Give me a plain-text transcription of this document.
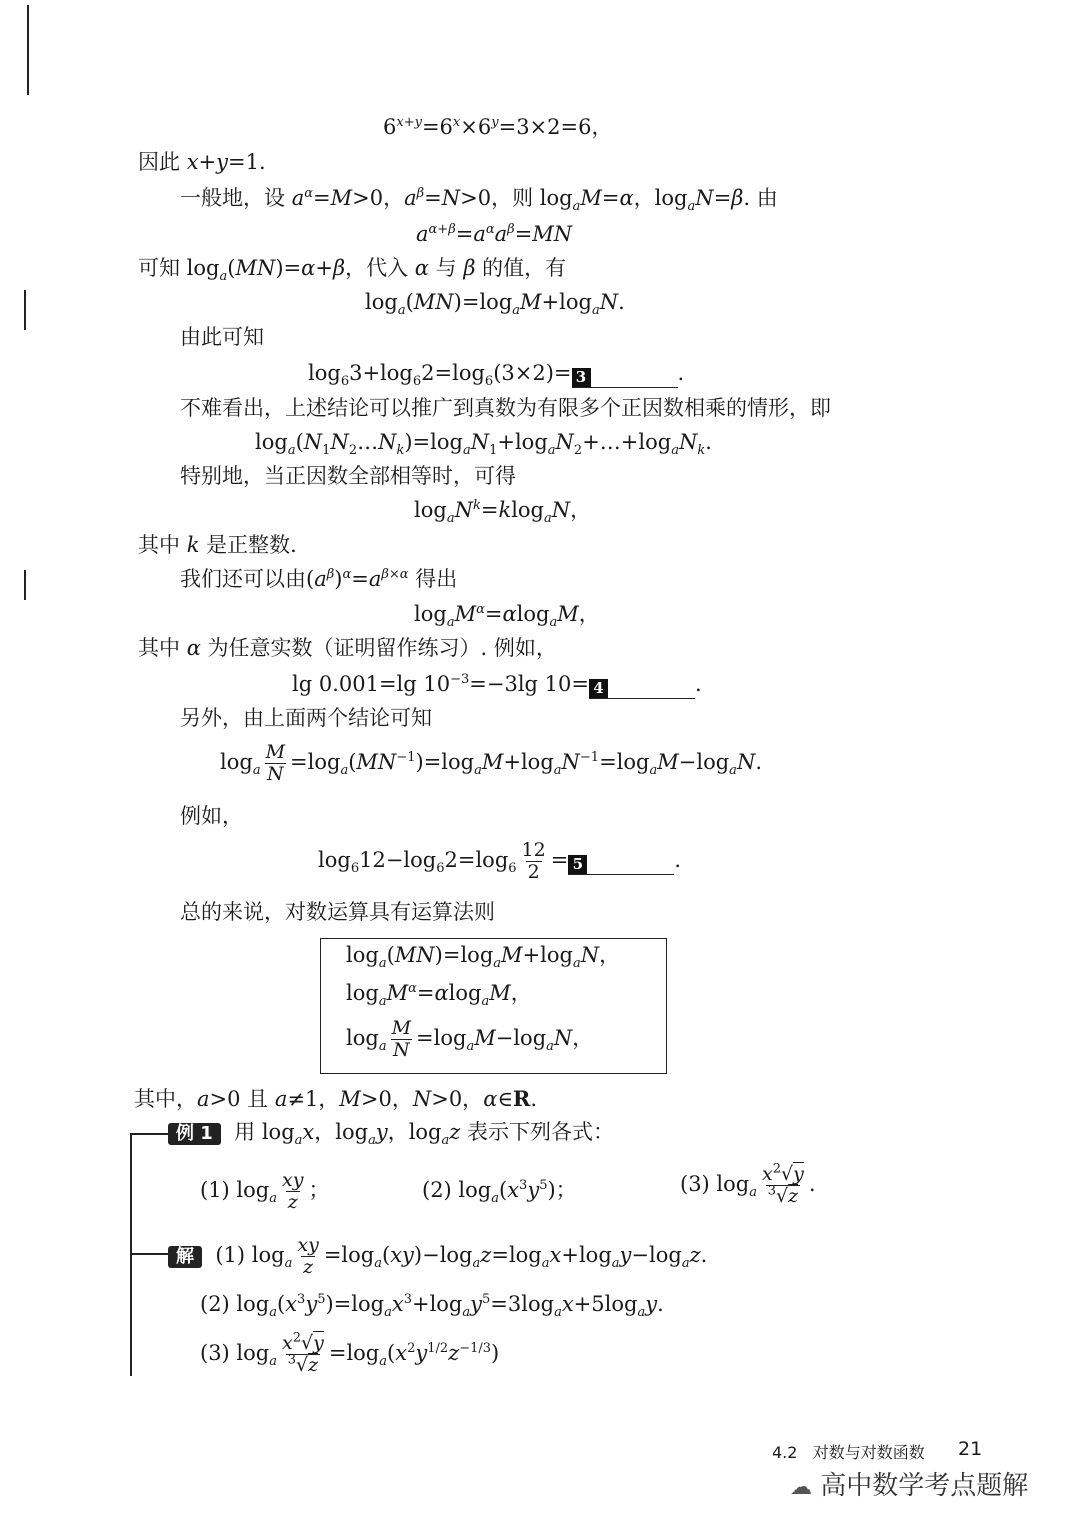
$6^{x+y}=6^x\times 6^y=3\times 2=6$，
因此 x+y=1.
一般地，设 $a^\alpha=M>0$，$a^\beta=N>0$，则 $\log_aM=\alpha$，$\log_aN=\beta$. 由
$a^{\alpha+\beta}=a^\alpha a^\beta=MN$
可知 $\log_a(MN)=\alpha+\beta$，代入 α 与 β 的值，有
$\log_a(MN)=\log_aM+\log_aN$.
由此可知
$\log_63+\log_62=\log_6(3\times 2)= 3$	.
不难看出，上述结论可以推广到真数为有限多个正因数相乘的情形，即
$\log_a(N_1N_2\dots N_k)=\log_aN_1+\log_aN_2+\dots+\log_aN_k$.
特别地，当正因数全部相等时，可得
$\log_aN^k=klog_aN$，
其中 k 是正整数.
我们还可以由$(a^\beta)^\alpha=a^{\beta\times\alpha}$ 得出
$\log_aM^\alpha=\alpha\log_aM$，
其中 α 为任意实数（证明留作练习）. 例如，
lg 0.001=lg $10^{-3}=-3\lg$ 10= 4	.
另外，由上面两个结论可知
$\log_a \frac{M}{N} =\log_a(MN^{-1})=\log_aM+\log_aN^{-1}=\log_aM-\log_aN$.
例如，
$\log_612-\log_62=\log_6 \frac{12}{2} = 5$	.
总的来说，对数运算具有运算法则
$\log_a(MN)=\log_aM+\log_aN$，
$\log_aM^\alpha=\alpha\log_aM$，
$\log_a \frac{M}{N} =\log_aM-\log_aN$，
其中，a>0 且 a≠1，M>0，N>0，α∈R.
例 1 用 $\log_ax$，$\log_ay$，$\log_az$ 表示下列各式：
(1) $\log_a \frac{xy}{z}$ ；	(2) $\log_a(x^3y^5)$；	(3) $\log_a \frac{x^2√y}{^3√z}$ .
解 (1) $\log_a \frac{xy}{z} =\log_a(xy)-\log_az=\log_ax+\log_ay-\log_az$.
(2) $\log_a(x^3y^5)=\log_ax^3+\log_ay^5=3\log_ax+5\log_ay$.
(3) $\log_a \frac{x^2√y}{^3√z} =\log_a(x^2y^{1/2}z^{-1/3})$
4.2 对数与对数函数 21
☁ 高中数学考点题解
